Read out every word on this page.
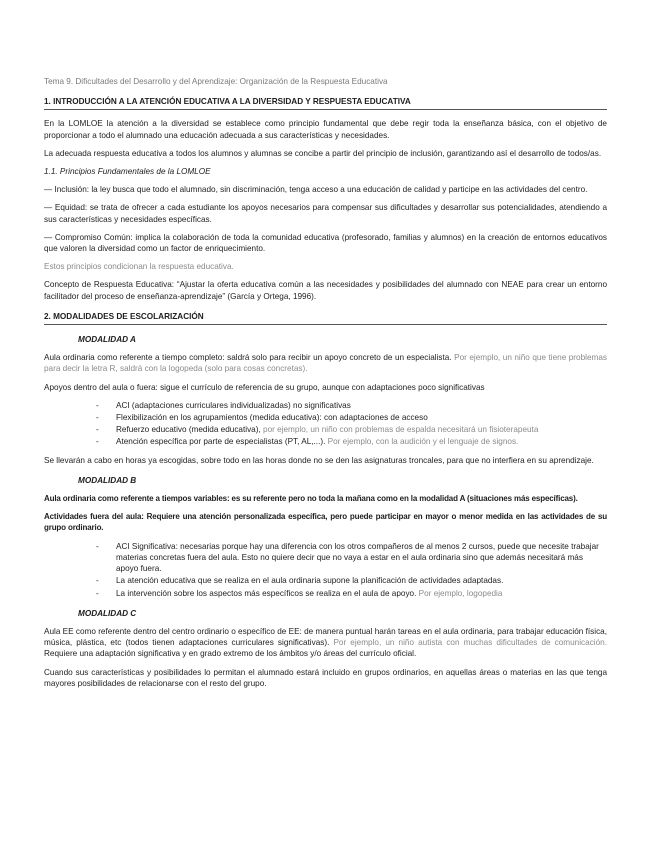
Tema 9. Dificultades del Desarrollo y del Aprendizaje: Organización de la Respuesta Educativa
1. INTRODUCCIÓN A LA ATENCIÓN EDUCATIVA A LA DIVERSIDAD Y RESPUESTA EDUCATIVA

En la LOMLOE la atención a la diversidad se establece como principio fundamental que debe regir toda la enseñanza básica, con el objetivo de proporcionar a todo el alumnado una educación adecuada a sus características y necesidades.

La adecuada respuesta educativa a todos los alumnos y alumnas se concibe a partir del principio de inclusión, garantizando así el desarrollo de todos/as.

1.1. Principios Fundamentales de la LOMLOE

— Inclusión: la ley busca que todo el alumnado, sin discriminación, tenga acceso a una educación de calidad y participe en las actividades del centro.

— Equidad: se trata de ofrecer a cada estudiante los apoyos necesarios para compensar sus dificultades y desarrollar sus potencialidades, atendiendo a sus características y necesidades específicas.

— Compromiso Común: implica la colaboración de toda la comunidad educativa (profesorado, familias y alumnos) en la creación de entornos educativos que valoren la diversidad como un factor de enriquecimiento.

Estos principios condicionan la respuesta educativa.

Concepto de Respuesta Educativa: “Ajustar la oferta educativa común a las necesidades y posibilidades del alumnado con NEAE para crear un entorno facilitador del proceso de enseñanza-aprendizaje” (García y Ortega, 1996).

2. MODALIDADES DE ESCOLARIZACIÓN
MODALIDAD A

Aula ordinaria como referente a tiempo completo: saldrá solo para recibir un apoyo concreto de un especialista. Por ejemplo, un niño que tiene problemas para decir la letra R, saldrá con la logopeda (solo para cosas concretas).

Apoyos dentro del aula o fuera: sigue el currículo de referencia de su grupo, aunque con adaptaciones poco significativas

- ACI (adaptaciones curriculares individualizadas) no significativas
- Flexibilización en los agrupamientos (medida educativa): con adaptaciones de acceso
- Refuerzo educativo (medida educativa), por ejemplo, un niño con problemas de espalda necesitará un fisioterapeuta
- Atención específica por parte de especialistas (PT, AL,...). Por ejemplo, con la audición y el lenguaje de signos.

Se llevarán a cabo en horas ya escogidas, sobre todo en las horas donde no se den las asignaturas troncales, para que no interfiera en su aprendizaje.

MODALIDAD B

Aula ordinaria como referente a tiempos variables: es su referente pero no toda la mañana como en la modalidad A (situaciones más específicas).

Actividades fuera del aula: Requiere una atención personalizada específica, pero puede participar en mayor o menor medida en las actividades de su grupo ordinario.

- ACI Significativa: necesarias porque hay una diferencia con los otros compañeros de al menos 2 cursos, puede que necesite trabajar materias concretas fuera del aula. Esto no quiere decir que no vaya a estar en el aula ordinaria sino que además necesitará más apoyo fuera.
- La atención educativa que se realiza en el aula ordinaria supone la planificación de actividades adaptadas.
- La intervención sobre los aspectos más específicos se realiza en el aula de apoyo. Por ejemplo, logopedia
MODALIDAD C

Aula EE como referente dentro del centro ordinario o específico de EE: de manera puntual harán tareas en el aula ordinaria, para trabajar educación física, música, plástica, etc (todos tienen adaptaciones curriculares significativas). Por ejemplo, un niño autista con muchas dificultades de comunicación. Requiere una adaptación significativa y en grado extremo de los ámbitos y/o áreas del currículo oficial.

Cuando sus características y posibilidades lo permitan el alumnado estará incluido en grupos ordinarios, en aquellas áreas o materias en las que tenga mayores posibilidades de relacionarse con el resto del grupo.
